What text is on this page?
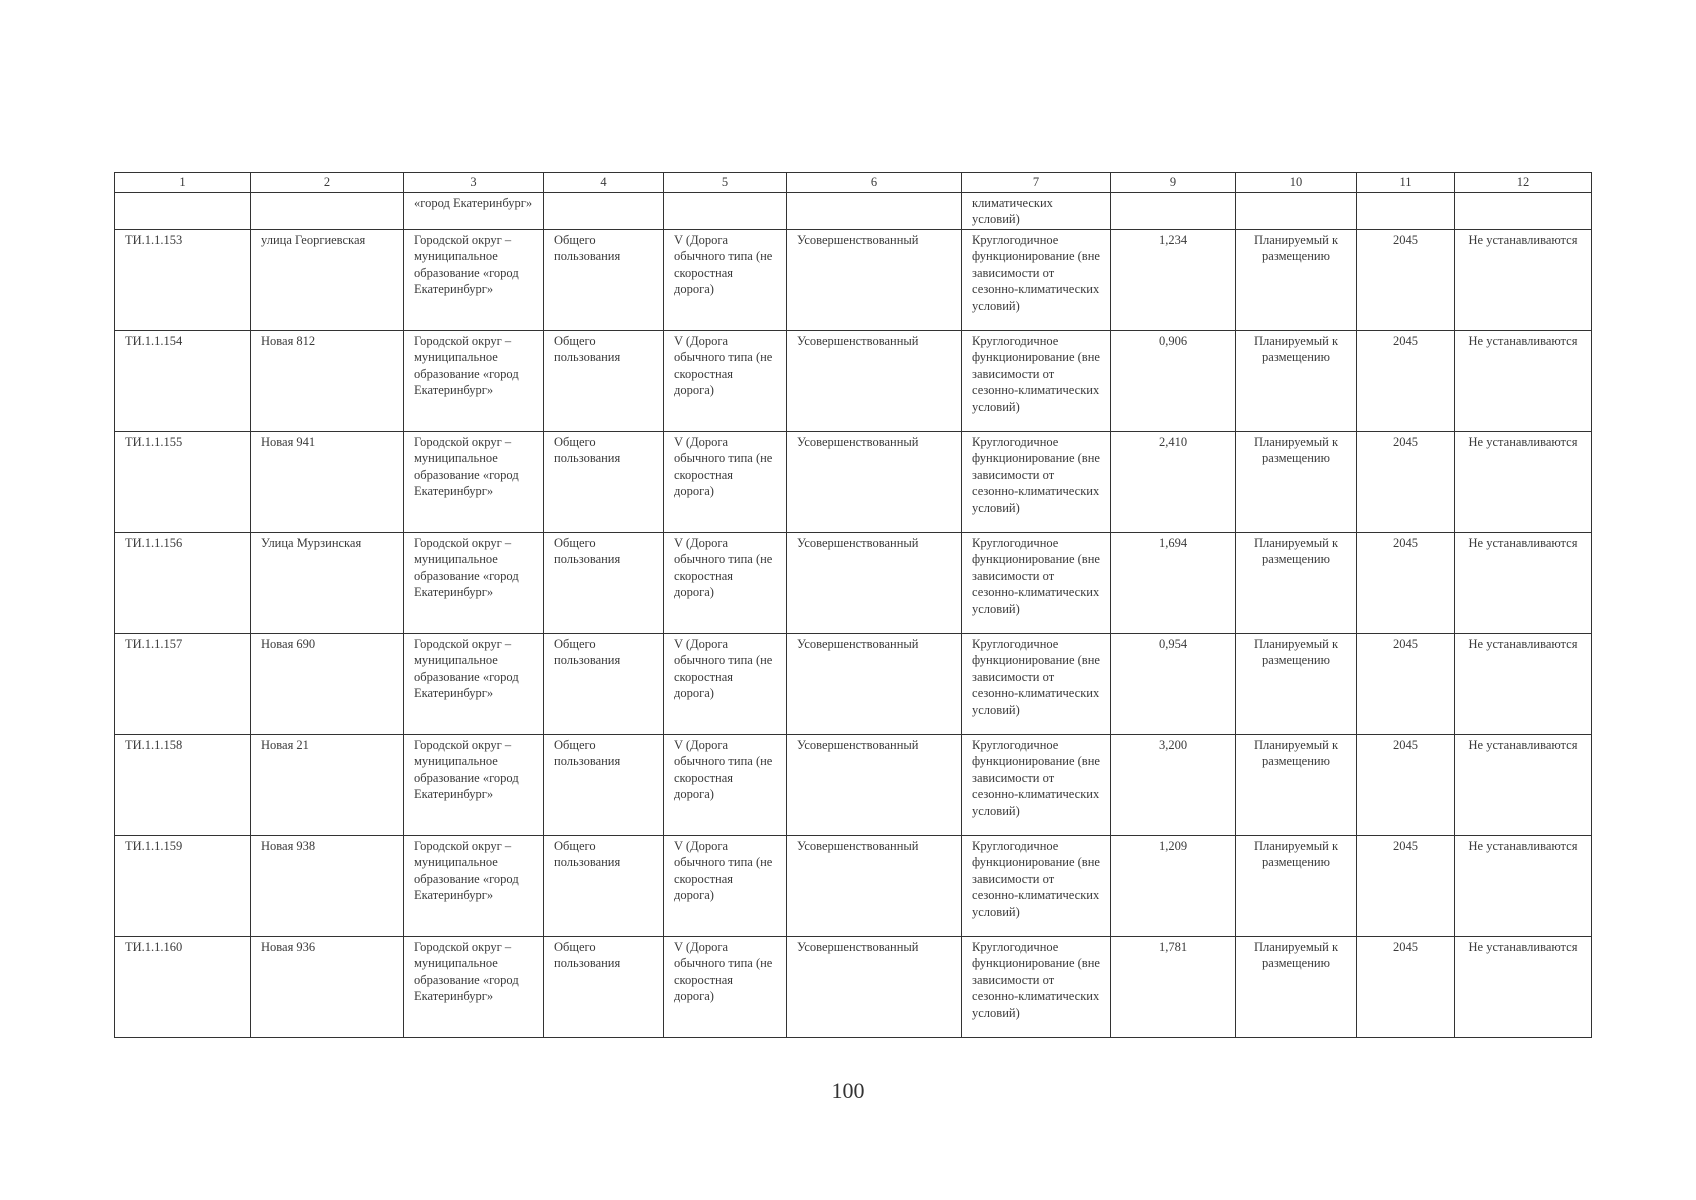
1	2	3	4	5	6	7	9	10	11	12
		«город Екатеринбург»				климатических условий)				
ТИ.1.1.153	улица Георгиевская	Городской округ – муниципальное образование «город Екатеринбург»	Общего пользования	V (Дорога обычного типа (не скоростная дорога)	Усовершенствованный	Круглогодичное функционирование (вне зависимости от сезонно-климатических условий)	1,234	Планируемый к размещению	2045	Не устанавливаются
ТИ.1.1.154	Новая 812	Городской округ – муниципальное образование «город Екатеринбург»	Общего пользования	V (Дорога обычного типа (не скоростная дорога)	Усовершенствованный	Круглогодичное функционирование (вне зависимости от сезонно-климатических условий)	0,906	Планируемый к размещению	2045	Не устанавливаются
ТИ.1.1.155	Новая 941	Городской округ – муниципальное образование «город Екатеринбург»	Общего пользования	V (Дорога обычного типа (не скоростная дорога)	Усовершенствованный	Круглогодичное функционирование (вне зависимости от сезонно-климатических условий)	2,410	Планируемый к размещению	2045	Не устанавливаются
ТИ.1.1.156	Улица Мурзинская	Городской округ – муниципальное образование «город Екатеринбург»	Общего пользования	V (Дорога обычного типа (не скоростная дорога)	Усовершенствованный	Круглогодичное функционирование (вне зависимости от сезонно-климатических условий)	1,694	Планируемый к размещению	2045	Не устанавливаются
ТИ.1.1.157	Новая 690	Городской округ – муниципальное образование «город Екатеринбург»	Общего пользования	V (Дорога обычного типа (не скоростная дорога)	Усовершенствованный	Круглогодичное функционирование (вне зависимости от сезонно-климатических условий)	0,954	Планируемый к размещению	2045	Не устанавливаются
ТИ.1.1.158	Новая 21	Городской округ – муниципальное образование «город Екатеринбург»	Общего пользования	V (Дорога обычного типа (не скоростная дорога)	Усовершенствованный	Круглогодичное функционирование (вне зависимости от сезонно-климатических условий)	3,200	Планируемый к размещению	2045	Не устанавливаются
ТИ.1.1.159	Новая 938	Городской округ – муниципальное образование «город Екатеринбург»	Общего пользования	V (Дорога обычного типа (не скоростная дорога)	Усовершенствованный	Круглогодичное функционирование (вне зависимости от сезонно-климатических условий)	1,209	Планируемый к размещению	2045	Не устанавливаются
ТИ.1.1.160	Новая 936	Городской округ – муниципальное образование «город Екатеринбург»	Общего пользования	V (Дорога обычного типа (не скоростная дорога)	Усовершенствованный	Круглогодичное функционирование (вне зависимости от сезонно-климатических условий)	1,781	Планируемый к размещению	2045	Не устанавливаются
100
